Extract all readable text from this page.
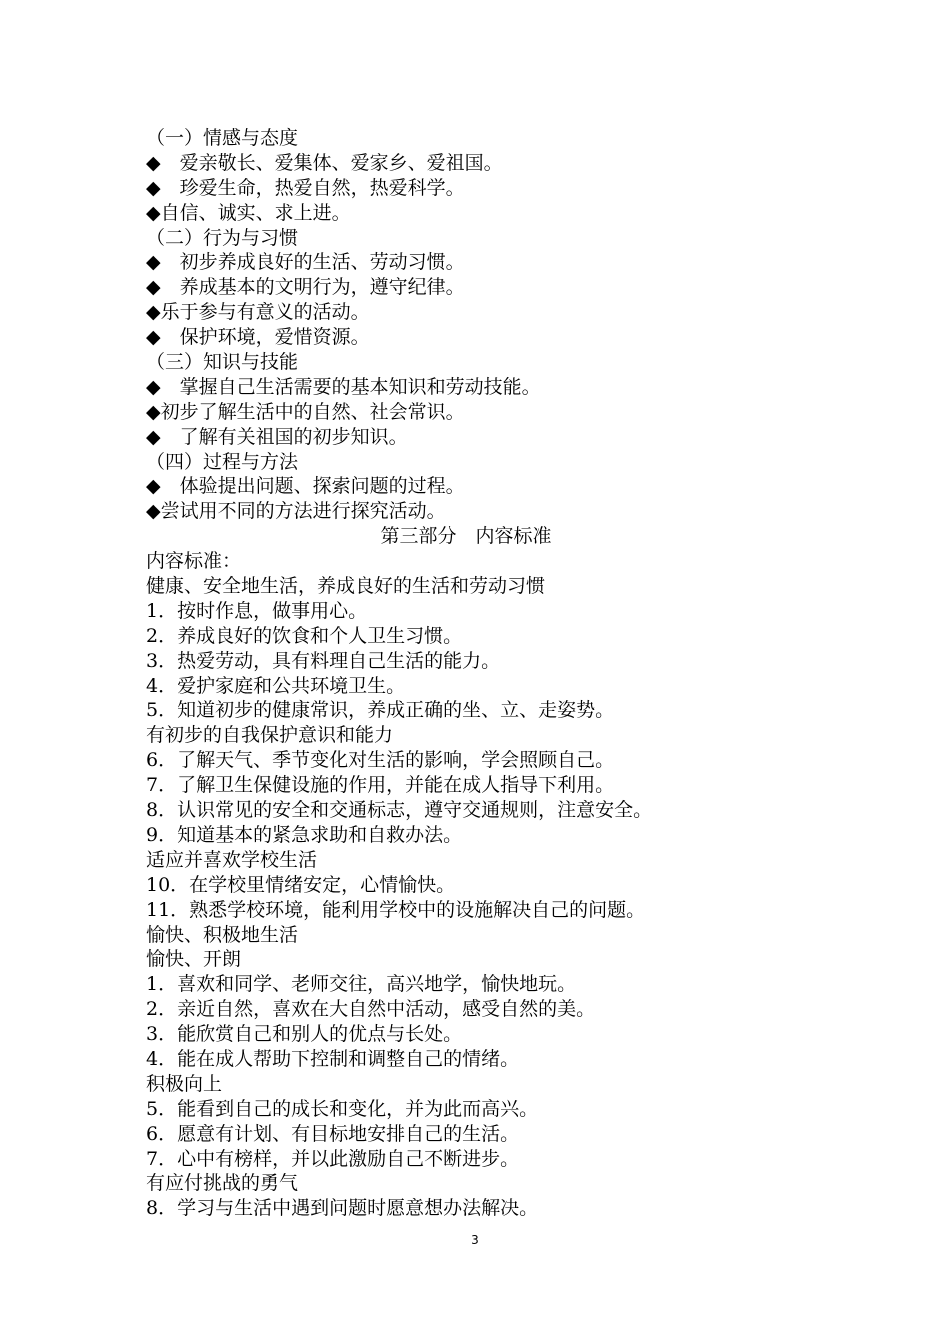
（一）情感与态度
◆　爱亲敬长、爱集体、爱家乡、爱祖国。
◆　珍爱生命，热爱自然，热爱科学。
◆自信、诚实、求上进。
（二）行为与习惯
◆　初步养成良好的生活、劳动习惯。
◆　养成基本的文明行为，遵守纪律。
◆乐于参与有意义的活动。
◆　保护环境，爱惜资源。
（三）知识与技能
◆　掌握自己生活需要的基本知识和劳动技能。
◆初步了解生活中的自然、社会常识。
◆　了解有关祖国的初步知识。
（四）过程与方法
◆　体验提出问题、探索问题的过程。
◆尝试用不同的方法进行探究活动。
第三部分　内容标准
内容标准：
健康、安全地生活，养成良好的生活和劳动习惯
1．按时作息，做事用心。
2．养成良好的饮食和个人卫生习惯。
3．热爱劳动，具有料理自己生活的能力。
4．爱护家庭和公共环境卫生。
5．知道初步的健康常识，养成正确的坐、立、走姿势。
有初步的自我保护意识和能力
6．了解天气、季节变化对生活的影响，学会照顾自己。
7．了解卫生保健设施的作用，并能在成人指导下利用。
8．认识常见的安全和交通标志，遵守交通规则，注意安全。
9．知道基本的紧急求助和自救办法。
适应并喜欢学校生活
10．在学校里情绪安定，心情愉快。
11．熟悉学校环境，能利用学校中的设施解决自己的问题。
愉快、积极地生活
愉快、开朗
1．喜欢和同学、老师交往，高兴地学，愉快地玩。
2．亲近自然，喜欢在大自然中活动，感受自然的美。
3．能欣赏自己和别人的优点与长处。
4．能在成人帮助下控制和调整自己的情绪。
积极向上
5．能看到自己的成长和变化，并为此而高兴。
6．愿意有计划、有目标地安排自己的生活。
7．心中有榜样，并以此激励自己不断进步。
有应付挑战的勇气
8．学习与生活中遇到问题时愿意想办法解决。
3
